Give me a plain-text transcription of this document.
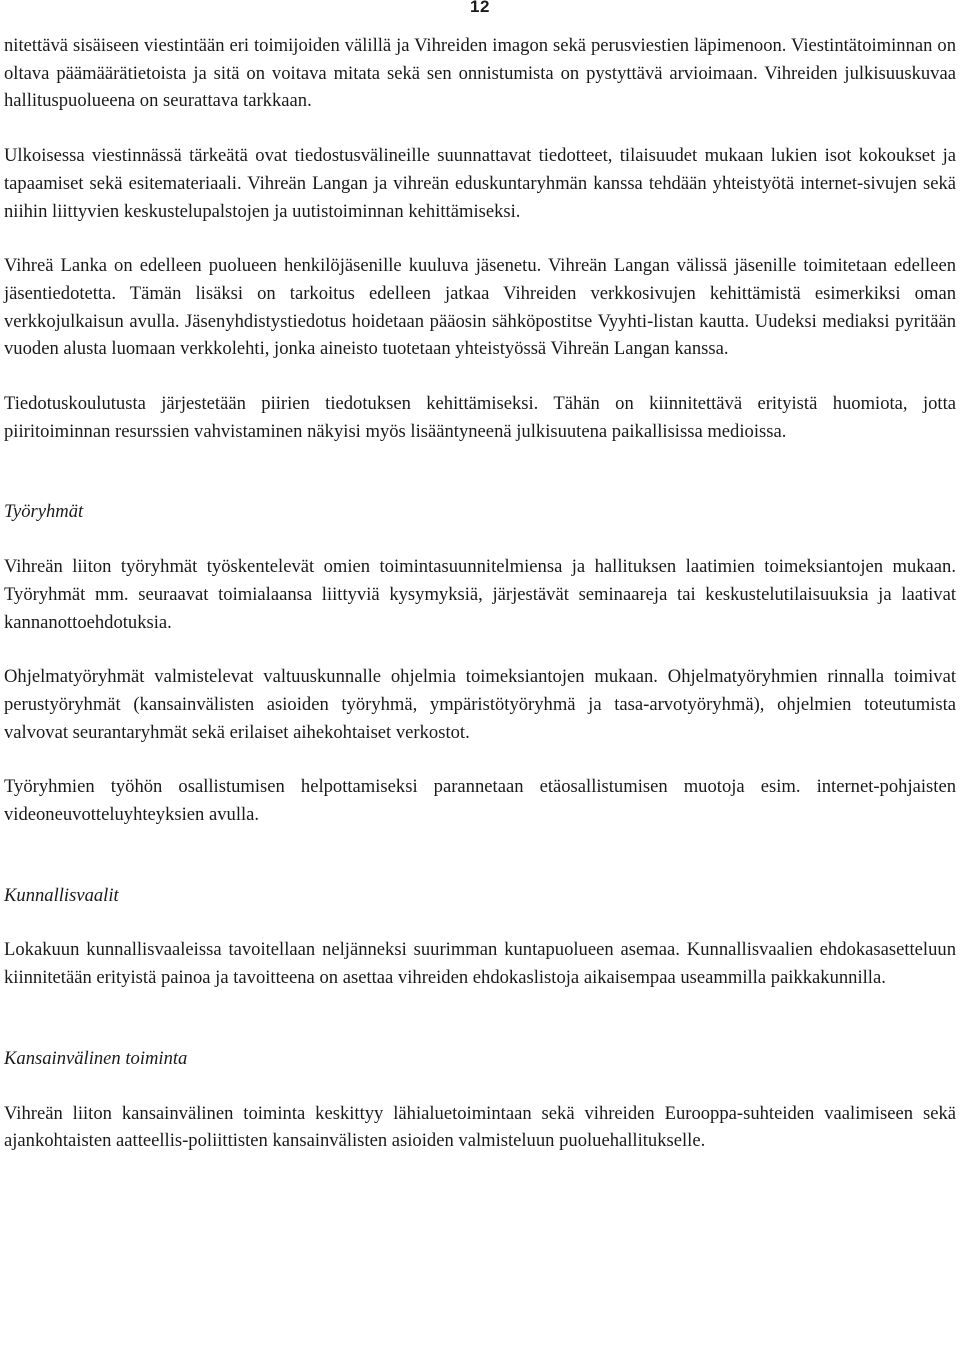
12

nitettävä sisäiseen viestintään eri toimijoiden välillä ja Vihreiden imagon sekä perusviestien läpimenoon. Viestintätoiminnan on oltava päämäärätietoista ja sitä on voitava mitata sekä sen onnistumista on pystyttävä arvioimaan. Vihreiden julkisuuskuvaa hallituspuolueena on seurattava tarkkaan.

Ulkoisessa viestinnässä tärkeätä ovat tiedostusvälineille suunnattavat tiedotteet, tilaisuudet mukaan lukien isot kokoukset ja tapaamiset sekä esitemateriaali. Vihreän Langan ja vihreän eduskuntaryhmän kanssa tehdään yhteistyötä internet-sivujen sekä niihin liittyvien keskustelupalstojen ja uutistoiminnan kehittämiseksi.

Vihreä Lanka on edelleen puolueen henkilöjäsenille kuuluva jäsenetu. Vihreän Langan välissä jäsenille toimitetaan edelleen jäsentiedotetta. Tämän lisäksi on tarkoitus edelleen jatkaa Vihreiden verkkosivujen kehittämistä esimerkiksi oman verkkojulkaisun avulla. Jäsenyhdistystiedotus hoidetaan pääosin sähköpostitse Vyyhti-listan kautta. Uudeksi mediaksi pyritään vuoden alusta luomaan verkkolehti, jonka aineisto tuotetaan yhteistyössä Vihreän Langan kanssa.

Tiedotuskoulutusta järjestetään piirien tiedotuksen kehittämiseksi. Tähän on kiinnitettävä erityistä huomiota, jotta piiritoiminnan resurssien vahvistaminen näkyisi myös lisääntyneenä julkisuutena paikallisissa medioissa.

Työryhmät

Vihreän liiton työryhmät työskentelevät omien toimintasuunnitelmiensa ja hallituksen laatimien toimeksiantojen mukaan. Työryhmät mm. seuraavat toimialaansa liittyviä kysymyksiä, järjestävät seminaareja tai keskustelutilaisuuksia ja laativat kannanottoehdotuksia.

Ohjelmatyöryhmät valmistelevat valtuuskunnalle ohjelmia toimeksiantojen mukaan. Ohjelmatyöryhmien rinnalla toimivat perustyöryhmät (kansainvälisten asioiden työryhmä, ympäristötyöryhmä ja tasa-arvotyöryhmä), ohjelmien toteutumista valvovat seurantaryhmät sekä erilaiset aihekohtaiset verkostot.

Työryhmien työhön osallistumisen helpottamiseksi parannetaan etäosallistumisen muotoja esim. internet-pohjaisten videoneuvotteluyhteyksien avulla.

Kunnallisvaalit

Lokakuun kunnallisvaaleissa tavoitellaan neljänneksi suurimman kuntapuolueen asemaa. Kunnallisvaalien ehdokasasetteluun kiinnitetään erityistä painoa ja tavoitteena on asettaa vihreiden ehdokaslistoja aikaisempaa useammilla paikkakunnilla.

Kansainvälinen toiminta

Vihreän liiton kansainvälinen toiminta keskittyy lähialuetoimintaan sekä vihreiden Eurooppa-suhteiden vaalimiseen sekä ajankohtaisten aatteellis-poliittisten kansainvälisten asioiden valmisteluun puoluehallitukselle.
